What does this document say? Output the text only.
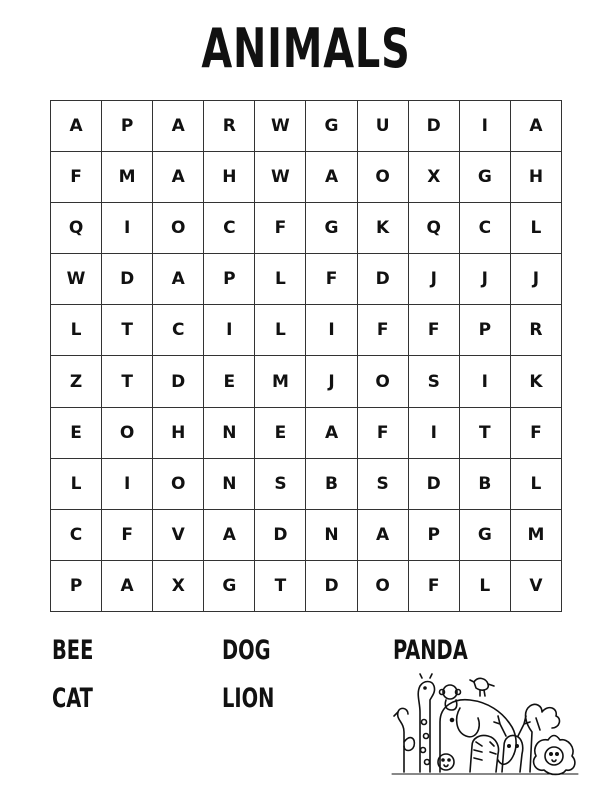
ANIMALS
A	P	A	R	W	G	U	D	I	A
F	M	A	H	W	A	O	X	G	H
Q	I	O	C	F	G	K	Q	C	L
W	D	A	P	L	F	D	J	J	J
L	T	C	I	L	I	F	F	P	R
Z	T	D	E	M	J	O	S	I	K
E	O	H	N	E	A	F	I	T	F
L	I	O	N	S	B	S	D	B	L
C	F	V	A	D	N	A	P	G	M
P	A	X	G	T	D	O	F	L	V
BEE	DOG	PANDA
CAT	LION
